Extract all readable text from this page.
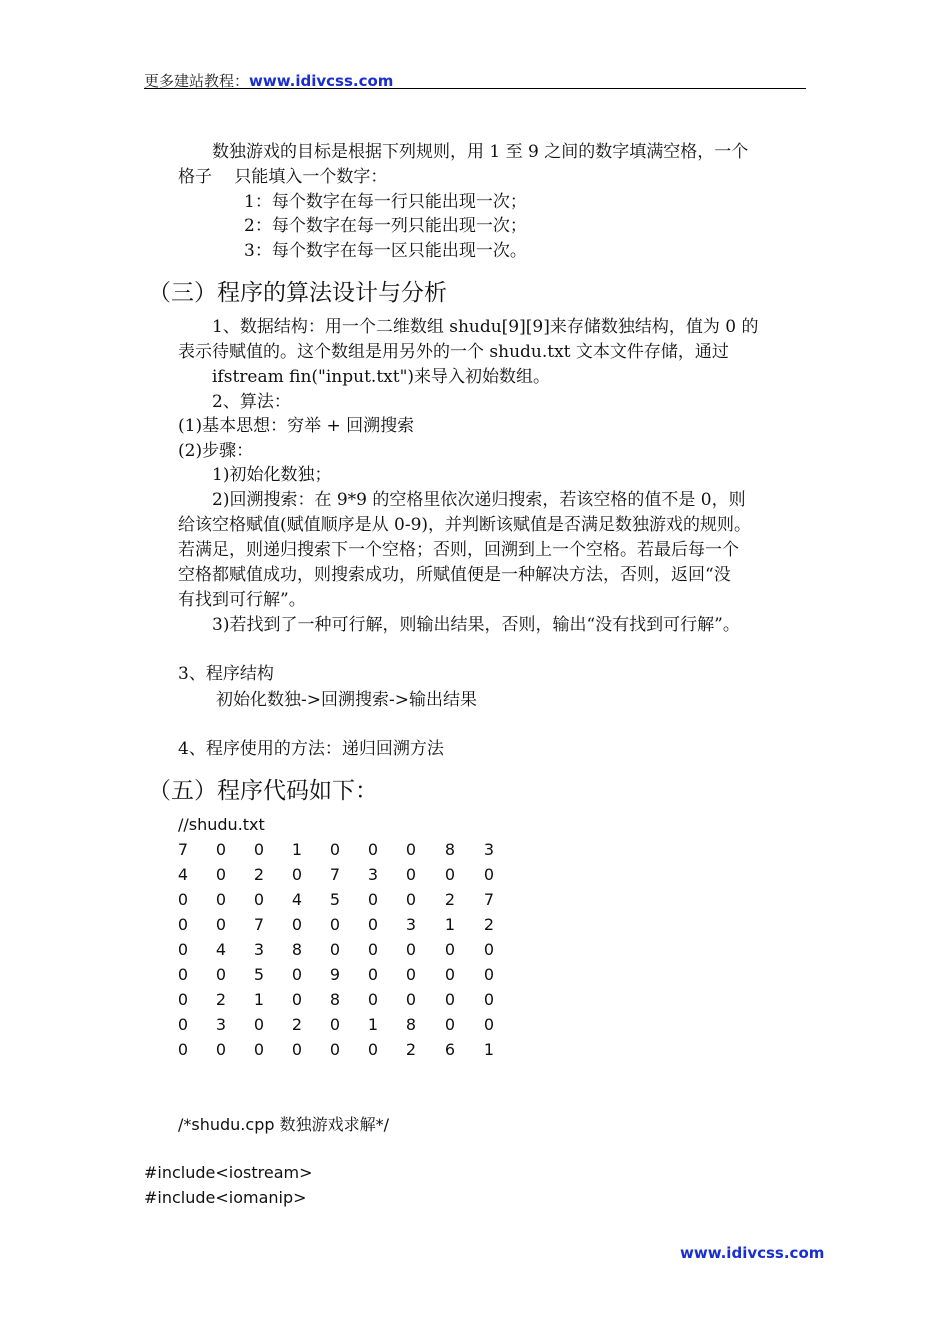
更多建站教程：www.idivcss.com
数独游戏的目标是根据下列规则，用 1 至 9 之间的数字填满空格，一个
格子　 只能填入一个数字：
1：每个数字在每一行只能出现一次；
2：每个数字在每一列只能出现一次；
3：每个数字在每一区只能出现一次。
（三）程序的算法设计与分析
1、数据结构：用一个二维数组 shudu[9][9]来存储数独结构，值为 0 的
表示待赋值的。这个数组是用另外的一个 shudu.txt 文本文件存储，通过
ifstream fin("input.txt")来导入初始数组。
2、算法：
(1)基本思想：穷举 + 回溯搜索
(2)步骤：
1)初始化数独；
2)回溯搜索：在 9*9 的空格里依次递归搜索，若该空格的值不是 0，则
给该空格赋值(赋值顺序是从 0-9)，并判断该赋值是否满足数独游戏的规则。
若满足，则递归搜索下一个空格；否则，回溯到上一个空格。若最后每一个
空格都赋值成功，则搜索成功，所赋值便是一种解决方法，否则，返回“没
有找到可行解”。
3)若找到了一种可行解，则输出结果，否则，输出“没有找到可行解”。
3、程序结构
初始化数独->回溯搜索->输出结果
4、程序使用的方法：递归回溯方法
（五）程序代码如下：
//shudu.txt
7 0 0 1 0 0 0 8 3
4 0 2 0 7 3 0 0 0
0 0 0 4 5 0 0 2 7
0 0 7 0 0 0 3 1 2
0 4 3 8 0 0 0 0 0
0 0 5 0 9 0 0 0 0
0 2 1 0 8 0 0 0 0
0 3 0 2 0 1 8 0 0
0 0 0 0 0 0 2 6 1
/*shudu.cpp 数独游戏求解*/
#include<iostream>
#include<iomanip>
www.idivcss.com
